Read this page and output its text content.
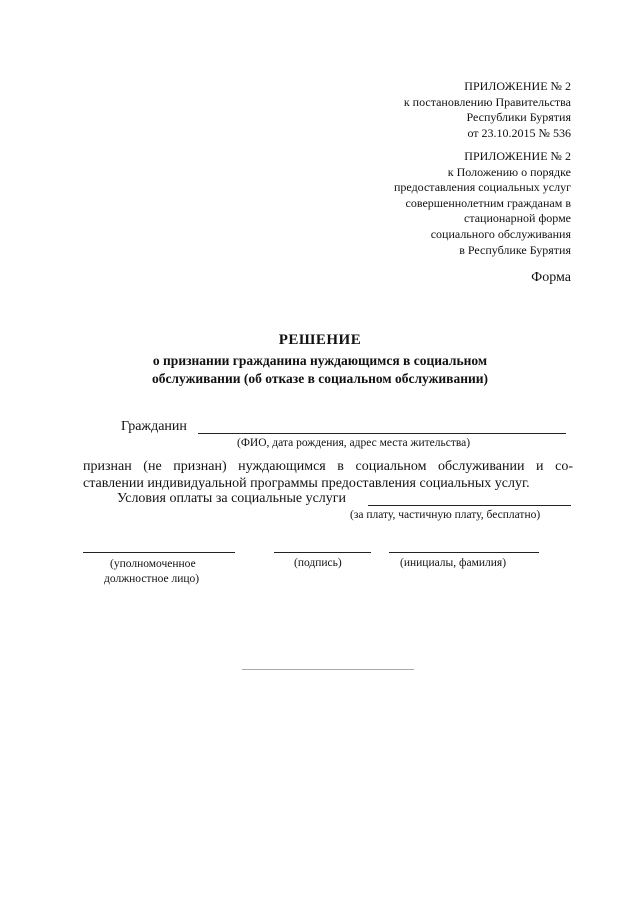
ПРИЛОЖЕНИЕ № 2
к постановлению Правительства
Республики Бурятия
от 23.10.2015 № 536
ПРИЛОЖЕНИЕ № 2
к Положению о порядке
предоставления социальных услуг
совершеннолетним гражданам в
стационарной форме
социального обслуживания
в Республике Бурятия
Форма
РЕШЕНИЕ
о признании гражданина нуждающимся в социальном
обслуживании (об отказе в социальном обслуживании)
Гражданин
(ФИО, дата рождения, адрес места жительства)
признан (не признан) нуждающимся в социальном обслуживании и со-
ставлении индивидуальной программы предоставления социальных услуг.
Условия оплаты за социальные услуги
(за плату, частичную плату, бесплатно)
(уполномоченное
должностное лицо)
(подпись)	(инициалы, фамилия)
